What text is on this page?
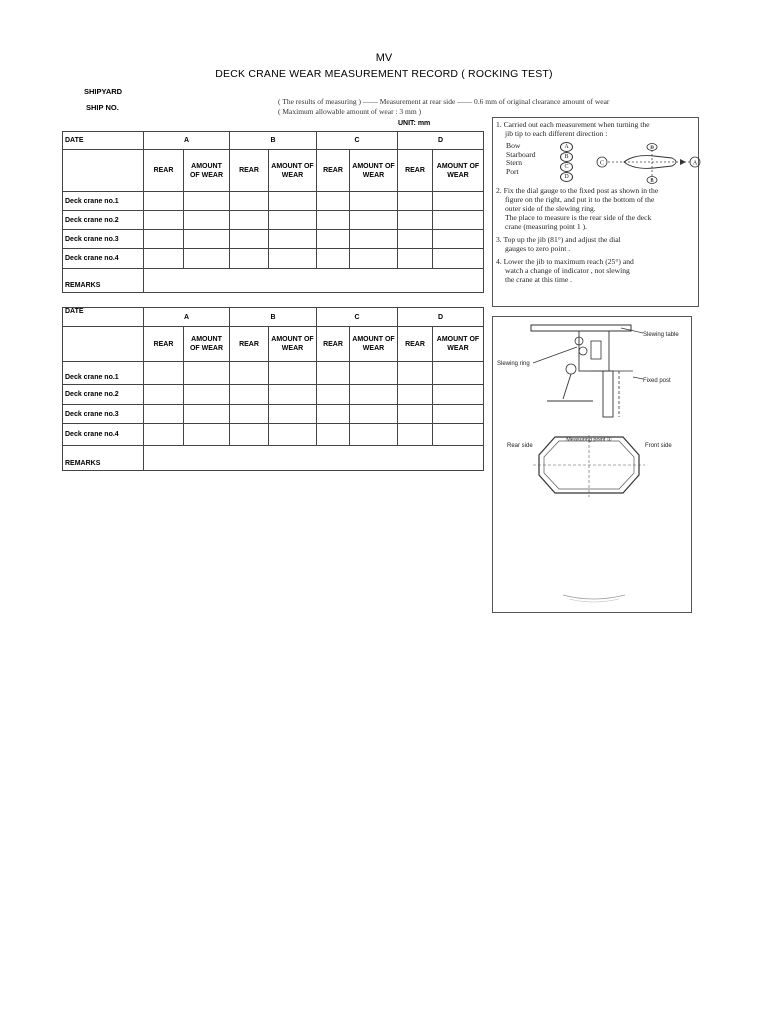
MV
DECK CRANE WEAR MEASUREMENT RECORD ( ROCKING TEST)
SHIPYARD
SHIP NO.
( The results of measuring ) —— Measurement at rear side —— 0.6 mm of original clearance amount of wear
( Maximum allowable amount of wear : 3 mm )
UNIT: mm
DATE	A		B		C		D	
	REAR	AMOUNT OF WEAR	REAR	AMOUNT OF WEAR	REAR	AMOUNT OF WEAR	REAR	AMOUNT OF WEAR
Deck crane no.1								
Deck crane no.2								
Deck crane no.3								
Deck crane no.4								
REMARKS								
DATE	A		B		C		D	
	REAR	AMOUNT OF WEAR	REAR	AMOUNT OF WEAR	REAR	AMOUNT OF WEAR	REAR	AMOUNT OF WEAR
Deck crane no.1								
Deck crane no.2								
Deck crane no.3								
Deck crane no.4								
REMARKS								

1. Carried out each measurement when turning the

jib tip to each different direction :

Bow
Starboard
Stern
Port
A
B
C
D
C	A
D
B

2. Fix the dial gauge to the fixed post as shown in the

figure on the right, and put it to the bottom of the

outer side of the slewing ring.

The place to measure is the rear side of the deck

crane (measuring point 1 ).

3. Top up the jib (81°) and adjust the dial

gauges to zero point .

4. Lower the jib to maximum reach (25°) and

watch a change of indicator , not slewing

the crane at this time .

Slewing table
Slewing ring
Fixed post
Rear side
Measuring point ①
Front side
